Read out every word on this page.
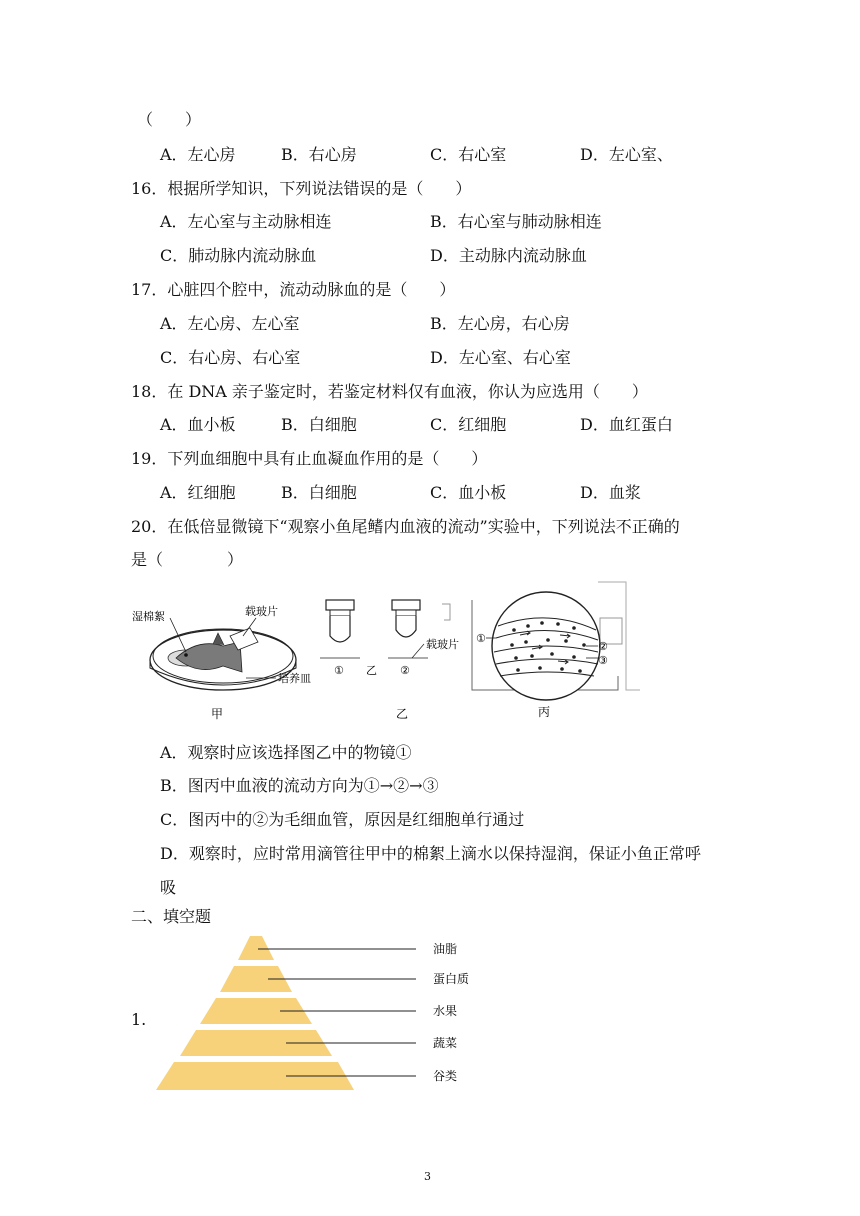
（　　）
A．左心房	B．右心房	C．右心室	D．左心室、
16．根据所学知识，下列说法错误的是（　　）
A．左心室与主动脉相连	B．右心室与肺动脉相连
C．肺动脉内流动脉血	D．主动脉内流动脉血
17．心脏四个腔中，流动动脉血的是（　　）
A．左心房、左心室	B．左心房，右心房
C．右心房、右心室	D．左心室、右心室
18．在 DNA 亲子鉴定时，若鉴定材料仅有血液，你认为应选用（　　）
A．血小板	B．白细胞	C．红细胞	D．血红蛋白
19．下列血细胞中具有止血凝血作用的是（　　）
A．红细胞	B．白细胞	C．血小板	D．血浆
20．在低倍显微镜下“观察小鱼尾鳍内血液的流动”实验中，下列说法不正确的
是（　　　　）
湿棉絮	载玻片
培养皿
甲
① 乙 ②
载玻片
乙
①
②
③
丙
A．观察时应该选择图乙中的物镜①
B．图丙中血液的流动方向为①→②→③
C．图丙中的②为毛细血管，原因是红细胞单行通过
D．观察时，应时常用滴管往甲中的棉絮上滴水以保持湿润，保证小鱼正常呼
吸
二、填空题
1.
油脂
蛋白质
水果
蔬菜
谷类
3
